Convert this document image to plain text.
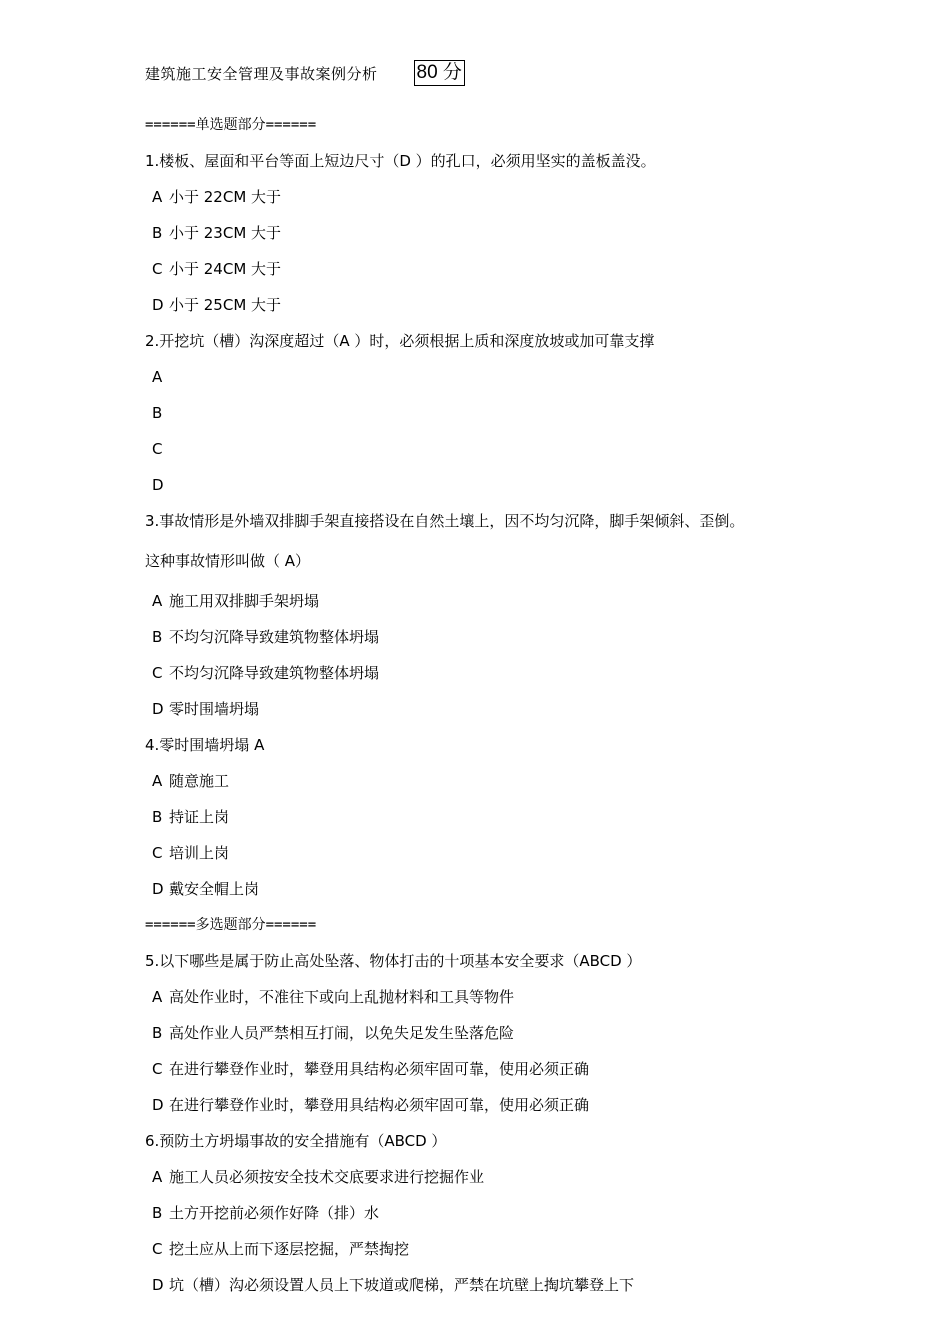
建筑施工安全管理及事故案例分析 80 分
======单选题部分======
1.楼板、屋面和平台等面上短边尺寸（D ）的孔口，必须用坚实的盖板盖没。
A 小于 22CM 大于
B 小于 23CM 大于
C 小于 24CM 大于
D 小于 25CM 大于
2.开挖坑（槽）沟深度超过（A ）时，必须根据上质和深度放坡或加可靠支撑
A
B
C
D
3.事故情形是外墙双排脚手架直接搭设在自然土壤上，因不均匀沉降，脚手架倾斜、歪倒。
这种事故情形叫做（ A）
A 施工用双排脚手架坍塌
B 不均匀沉降导致建筑物整体坍塌
C 不均匀沉降导致建筑物整体坍塌
D 零时围墙坍塌
4.零时围墙坍塌 A
A 随意施工
B 持证上岗
C 培训上岗
D 戴安全帽上岗
======多选题部分======
5.以下哪些是属于防止高处坠落、物体打击的十项基本安全要求（ABCD ）
A 高处作业时，不准往下或向上乱抛材料和工具等物件
B 高处作业人员严禁相互打闹，以免失足发生坠落危险
C 在进行攀登作业时，攀登用具结构必须牢固可靠，使用必须正确
D 在进行攀登作业时，攀登用具结构必须牢固可靠，使用必须正确
6.预防土方坍塌事故的安全措施有（ABCD ）
A 施工人员必须按安全技术交底要求进行挖掘作业
B 土方开挖前必须作好降（排）水
C 挖土应从上而下逐层挖掘，严禁掏挖
D 坑（槽）沟必须设置人员上下坡道或爬梯，严禁在坑壁上掏坑攀登上下
